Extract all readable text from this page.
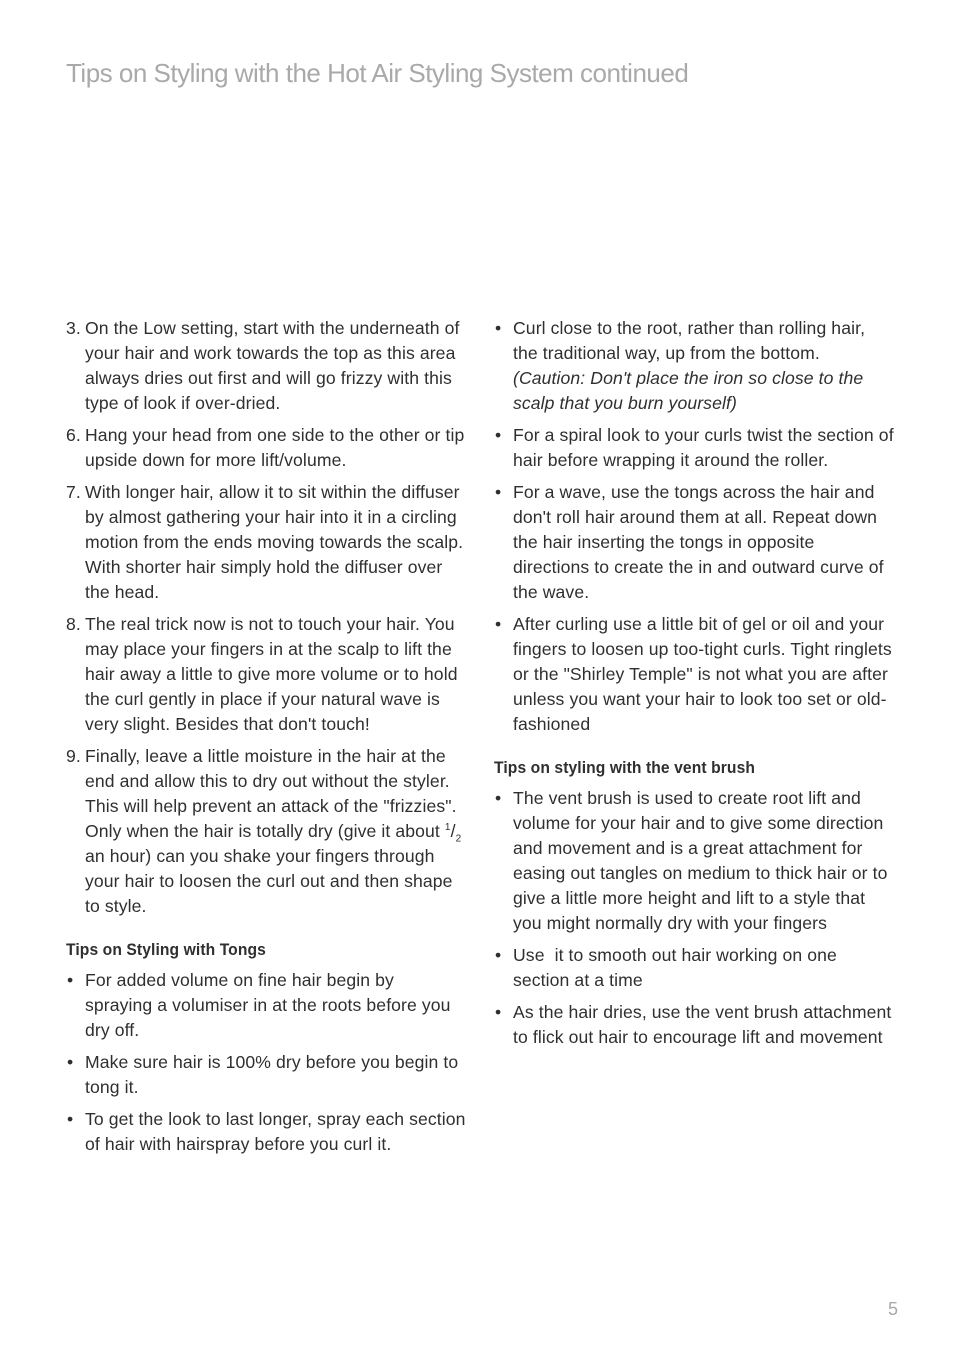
Tips on Styling with the Hot Air Styling System continued
3. On the Low setting, start with the underneath of your hair and work towards the top as this area always dries out first and will go frizzy with this type of look if over-dried.
6. Hang your head from one side to the other or tip upside down for more lift/volume.
7. With longer hair, allow it to sit within the diffuser by almost gathering your hair into it in a circling motion from the ends moving towards the scalp. With shorter hair simply hold the diffuser over the head.
8. The real trick now is not to touch your hair. You may place your fingers in at the scalp to lift the hair away a little to give more volume or to hold the curl gently in place if your natural wave is very slight. Besides that don't touch!
9. Finally, leave a little moisture in the hair at the end and allow this to dry out without the styler. This will help prevent an attack of the "frizzies". Only when the hair is totally dry (give it about $^1/_2$ an hour) can you shake your fingers through your hair to loosen the curl out and then shape to style.
Tips on Styling with Tongs
• For added volume on fine hair begin by spraying a volumiser in at the roots before you dry off.
• Make sure hair is 100% dry before you begin to tong it.
• To get the look to last longer, spray each section of hair with hairspray before you curl it.
• Curl close to the root, rather than rolling hair, the traditional way, up from the bottom. (Caution: Don't place the iron so close to the scalp that you burn yourself)
• For a spiral look to your curls twist the section of hair before wrapping it around the roller.
• For a wave, use the tongs across the hair and don't roll hair around them at all. Repeat down the hair inserting the tongs in opposite directions to create the in and outward curve of the wave.
• After curling use a little bit of gel or oil and your fingers to loosen up too-tight curls. Tight ringlets or the "Shirley Temple" is not what you are after unless you want your hair to look too set or old-fashioned
Tips on styling with the vent brush
• The vent brush is used to create root lift and volume for your hair and to give some direction and movement and is a great attachment for easing out tangles on medium to thick hair or to give a little more height and lift to a style that you might normally dry with your fingers
• Use  it to smooth out hair working on one section at a time
• As the hair dries, use the vent brush attachment to flick out hair to encourage lift and movement
5
